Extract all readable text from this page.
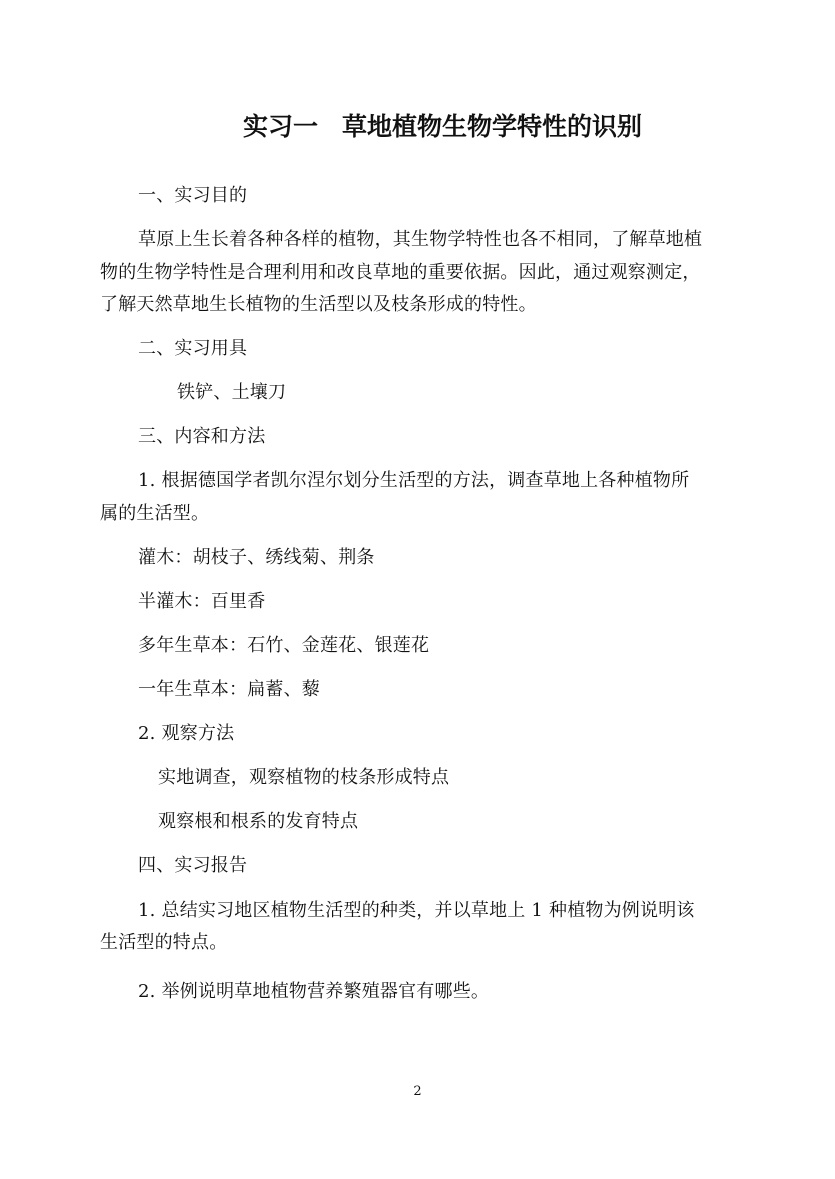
实习一 草地植物生物学特性的识别
一、实习目的
草原上生长着各种各样的植物，其生物学特性也各不相同，了解草地植
物的生物学特性是合理利用和改良草地的重要依据。因此，通过观察测定，
了解天然草地生长植物的生活型以及枝条形成的特性。
二、实习用具
铁铲、土壤刀
三、内容和方法
1. 根据德国学者凯尔涅尔划分生活型的方法，调查草地上各种植物所
属的生活型。
灌木：胡枝子、绣线菊、荆条
半灌木：百里香
多年生草本：石竹、金莲花、银莲花
一年生草本：扁蓄、藜
2. 观察方法
实地调查，观察植物的枝条形成特点
观察根和根系的发育特点
四、实习报告
1. 总结实习地区植物生活型的种类，并以草地上 1 种植物为例说明该
生活型的特点。
2. 举例说明草地植物营养繁殖器官有哪些。
2
